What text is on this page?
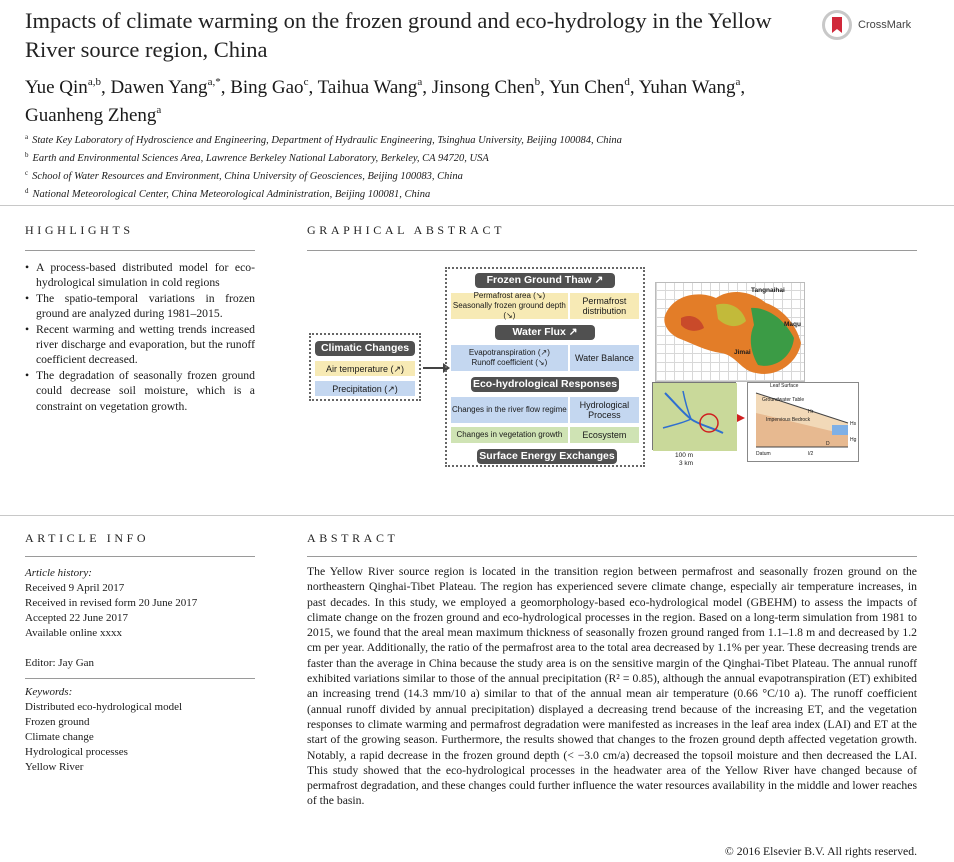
Impacts of climate warming on the frozen ground and eco-hydrology in the Yellow River source region, China
CrossMark
Yue Qin$^{a,b}$, Dawen Yang$^{a,*}$, Bing Gao$^c$, Taihua Wang$^a$, Jinsong Chen$^b$, Yun Chen$^d$, Yuhan Wang$^a$, Guanheng Zheng$^a$
$^a$ State Key Laboratory of Hydroscience and Engineering, Department of Hydraulic Engineering, Tsinghua University, Beijing 100084, China
$^b$ Earth and Environmental Sciences Area, Lawrence Berkeley National Laboratory, Berkeley, CA 94720, USA
$^c$ School of Water Resources and Environment, China University of Geosciences, Beijing 100083, China
$^d$ National Meteorological Center, China Meteorological Administration, Beijing 100081, China
HIGHLIGHTS	GRAPHICAL ABSTRACT
• A process-based distributed model for eco-hydrological simulation in cold regions
• The spatio-temporal variations in frozen ground are analyzed during 1981–2015.
• Recent warming and wetting trends increased river discharge and evaporation, but the runoff coefficient decreased.
• The degradation of seasonally frozen ground could decrease soil moisture, which is a constraint on vegetation growth.
Climatic Changes
Air temperature (↗)
Precipitation (↗)
Frozen Ground Thaw ↗
Permafrost area (↘)
Seasonally frozen ground depth (↘)
Permafrost distribution
Water Flux ↗
Evapotranspiration (↗)
Runoff coefficient (↘)	Water Balance
Eco-hydrological Responses
Changes in the river flow regime	Hydrological Process
Changes in vegetation growth	Ecosystem
Surface Energy Exchanges
Tangnaihai
Maqu
Jimai
100 m
3 km
Leaf Surface
Groundwater Table
Impervious Bedrock
Datum	l/2
Hs
Hr
Hg
D
ARTICLE INFO	ABSTRACT
Article history:
Received 9 April 2017
Received in revised form 20 June 2017
Accepted 22 June 2017
Available online xxxx
Editor: Jay Gan
Keywords:
Distributed eco-hydrological model
Frozen ground
Climate change
Hydrological processes
Yellow River
The Yellow River source region is located in the transition region between permafrost and seasonally frozen ground on the northeastern Qinghai-Tibet Plateau. The region has experienced severe climate change, especially air temperature increases, in past decades. In this study, we employed a geomorphology-based eco-hydrological model (GBEHM) to assess the impacts of climate change on the frozen ground and eco-hydrological processes in the region. Based on a long-term simulation from 1981 to 2015, we found that the areal mean maximum thickness of seasonally frozen ground ranged from 1.1–1.8 m and decreased by 1.2 cm per year. Additionally, the ratio of the permafrost area to the total area decreased by 1.1% per year. These decreasing trends are faster than the average in China because the study area is on the sensitive margin of the Qinghai-Tibet Plateau. The annual runoff exhibited variations similar to those of the annual precipitation (R² = 0.85), although the annual evapotranspiration (ET) exhibited an increasing trend (14.3 mm/10 a) similar to that of the annual mean air temperature (0.66 °C/10 a). The runoff coefficient (annual runoff divided by annual precipitation) displayed a decreasing trend because of the increasing ET, and the vegetation responses to climate warming and permafrost degradation were manifested as increases in the leaf area index (LAI) and ET at the start of the growing season. Furthermore, the results showed that changes to the frozen ground depth affected vegetation growth. Notably, a rapid decrease in the frozen ground depth (< −3.0 cm/a) decreased the topsoil moisture and then decreased the LAI. This study showed that the eco-hydrological processes in the headwater area of the Yellow River have changed because of permafrost degradation, and these changes could further influence the water resources availability in the middle and lower reaches of the basin.
© 2016 Elsevier B.V. All rights reserved.
